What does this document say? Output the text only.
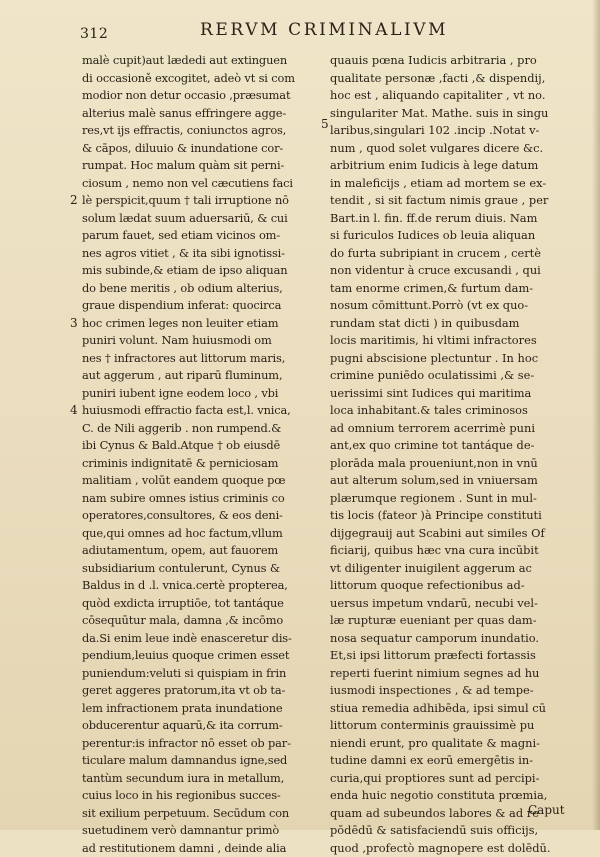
312	RERVM CRIMINALIVM
2
3
4
5
malè cupit)aut lædedi aut extinguen
di occasioně excogitet, adeò vt si com
modior non detur occasio ,præsumat
alterius malè sanus effringere agge-
res,vt ijs effractis, coniunctos agros,
& cāpos, diluuio & inundatione cor-
rumpat. Hoc malum quàm sit perni-
ciosum , nemo non vel cæcutiens faci
lè perspicit,quum † tali irruptione nō
solum lædat suum aduersariū, & cui
parum fauet, sed etiam vicinos om-
nes agros vitiet , & ita sibi ignotissi-
mis subinde,& etiam de ipso aliquan
do bene meritis , ob odium alterius,
graue dispendium inferat: quocirca
hoc crimen leges non leuiter etiam
puniri volunt. Nam huiusmodi om
nes † infractores aut littorum maris,
aut aggerum , aut riparū fluminum,
puniri iubent igne eodem loco , vbi
huiusmodi effractio facta est,l. vnica,
C. de Nili aggerib . non rumpend.&
ibi Cynus & Bald.Atque † ob eiusdē
criminis indignitatē & perniciosam
malitiam , volūt eandem quoque pœ
nam subire omnes istius criminis co
operatores,consultores, & eos deni-
que,qui omnes ad hoc factum,vllum
adiutamentum, opem, aut fauorem
subsidiarium contulerunt, Cynus &
Baldus in d .l. vnica.certè propterea,
quòd exdicta irruptiōe, tot tantáque
cōsequūtur mala, damna ,& incōmo
da.Si enim leue indè enasceretur dis-
pendium,leuius quoque crimen esset
puniendum:veluti si quispiam in frin
geret aggeres pratorum,ita vt ob ta-
lem infractionem prata inundatione
obducerentur aquarū,& ita corrum-
perentur:is infractor nō esset ob par-
ticulare malum damnandus igne,sed
tantùm secundum iura in metallum,
cuius loco in his regionibus succes-
sit exilium perpetuum. Secūdum con
suetudinem verò damnantur primò
ad restitutionem damni , deinde alia
quauis pœna Iudicis arbitraria , pro
qualitate personæ ,facti ,& dispendij,
hoc est , aliquando capitaliter , vt no.
singulariter Mat. Mathe. suis in singu
laribus,singulari 102 .incip .Notat v-
num , quod solet vulgares dicere &c.
arbitrium enim Iudicis à lege datum
in maleficijs , etiam ad mortem se ex-
tendit , si sit factum nimis graue , per
Bart.in l. fin. ff.de rerum diuis. Nam
si furiculos Iudices ob leuia aliquan
do furta subripiant in crucem , certè
non videntur à cruce excusandi , qui
tam enorme crimen,& furtum dam-
nosum cōmittunt.Porrò (vt ex quo-
rundam stat dicti ) in quibusdam
locis maritimis, hi vltimi infractores
pugni abscisione plectuntur . In hoc
crimine puniēdo oculatissimi ,& se-
uerissimi sint Iudices qui maritima
loca inhabitant.& tales criminosos
ad omnium terrorem acerrimè puni
ant,ex quo crimine tot tantáque de-
plorāda mala proueniunt,non in vnū
aut alterum solum,sed in vniuersam
plærumque regionem . Sunt in mul-
tis locis (fateor )à Principe constituti
dijgegrauij aut Scabini aut similes Of
ficiarij, quibus hæc vna cura incūbit
vt diligenter inuigilent aggerum ac
littorum quoque refectionibus ad-
uersus impetum vndarū, necubi vel-
læ rupturæ eueniant per quas dam-
nosa sequatur camporum inundatio.
Et,si ipsi littorum præfecti fortassis
reperti fuerint nimium segnes ad hu
iusmodi inspectiones , & ad tempe-
stiua remedia adhibēda, ipsi simul cū
littorum conterminis grauissimè pu
niendi erunt, pro qualitate & magni-
tudine damni ex eorū emergētis in-
curia,qui proptiores sunt ad percipi-
enda huic negotio constituta prœmia,
quam ad subeundos labores & ad re
pōdēdū & satisfaciendū suis officijs,
quod ,profectò magnopere est dolēdū.
Caput
